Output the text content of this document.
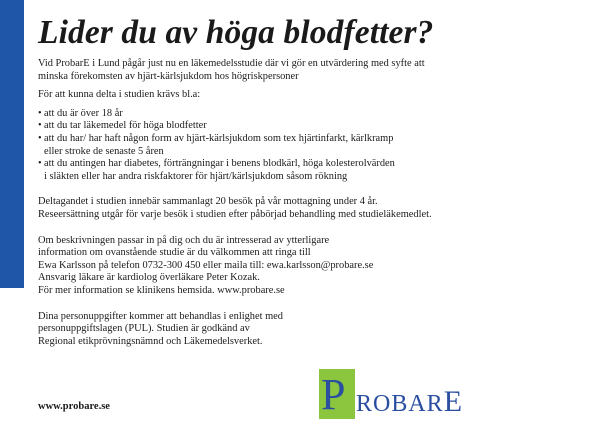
Lider du av höga blodfetter?

Vid ProbarE i Lund pågår just nu en läkemedelsstudie där vi gör en utvärdering med syfte att

minska förekomsten av hjärt-kärlsjukdom hos högriskpersoner

För att kunna delta i studien krävs bl.a:

• att du är över 18 år
• att du tar läkemedel för höga blodfetter
• att du har/ har haft någon form av hjärt-kärlsjukdom som tex hjärtinfarkt, kärlkramp
eller stroke de senaste 5 åren
• att du antingen har diabetes, förträngningar i benens blodkärl, höga kolesterolvärden
i släkten eller har andra riskfaktorer för hjärt/kärlsjukdom såsom rökning

Deltagandet i studien innebär sammanlagt 20 besök på vår mottagning under 4 år.

Reseersättning utgår för varje besök i studien efter påbörjad behandling med studieläkemedlet.

Om beskrivningen passar in på dig och du är intresserad av ytterligare

information om ovanstående studie är du välkommen att ringa till

Ewa Karlsson på telefon 0732-300 450 eller maila till: ewa.karlsson@probare.se

Ansvarig läkare är kardiolog överläkare Peter Kozak.

För mer information se klinikens hemsida. www.probare.se

Dina personuppgifter kommer att behandlas i enlighet med

personuppgiftslagen (PUL). Studien är godkänd av

Regional etikprövningsnämnd och Läkemedelsverket.

www.probare.se	P ROBARE
